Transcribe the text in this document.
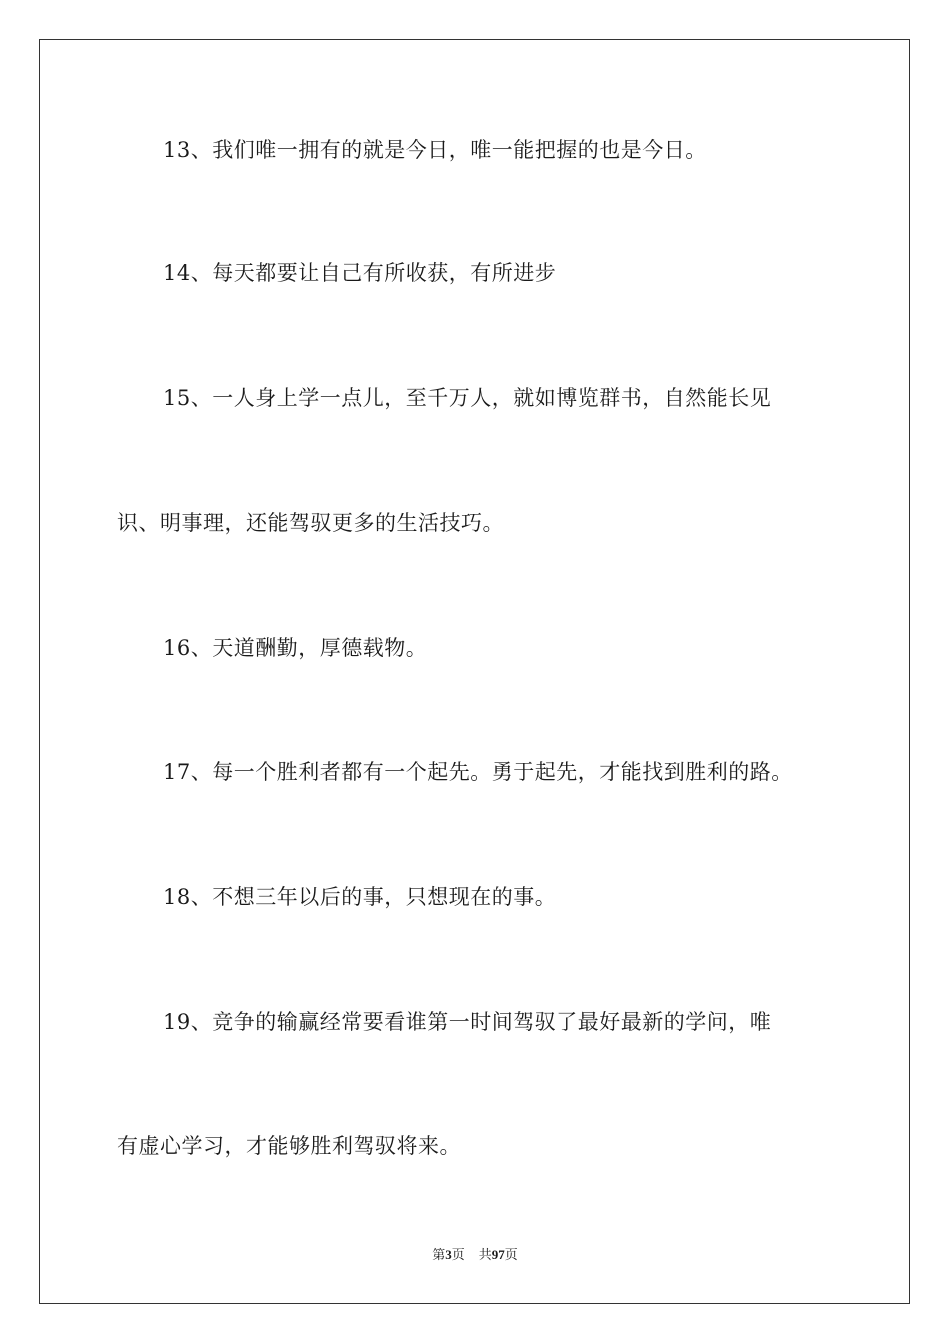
13、我们唯一拥有的就是今日，唯一能把握的也是今日。
14、每天都要让自己有所收获，有所进步
15、一人身上学一点儿，至千万人，就如博览群书，自然能长见
识、明事理，还能驾驭更多的生活技巧。
16、天道酬勤，厚德载物。
17、每一个胜利者都有一个起先。勇于起先，才能找到胜利的路。
18、不想三年以后的事，只想现在的事。
19、竞争的输赢经常要看谁第一时间驾驭了最好最新的学问，唯
有虚心学习，才能够胜利驾驭将来。
第3页 共97页
